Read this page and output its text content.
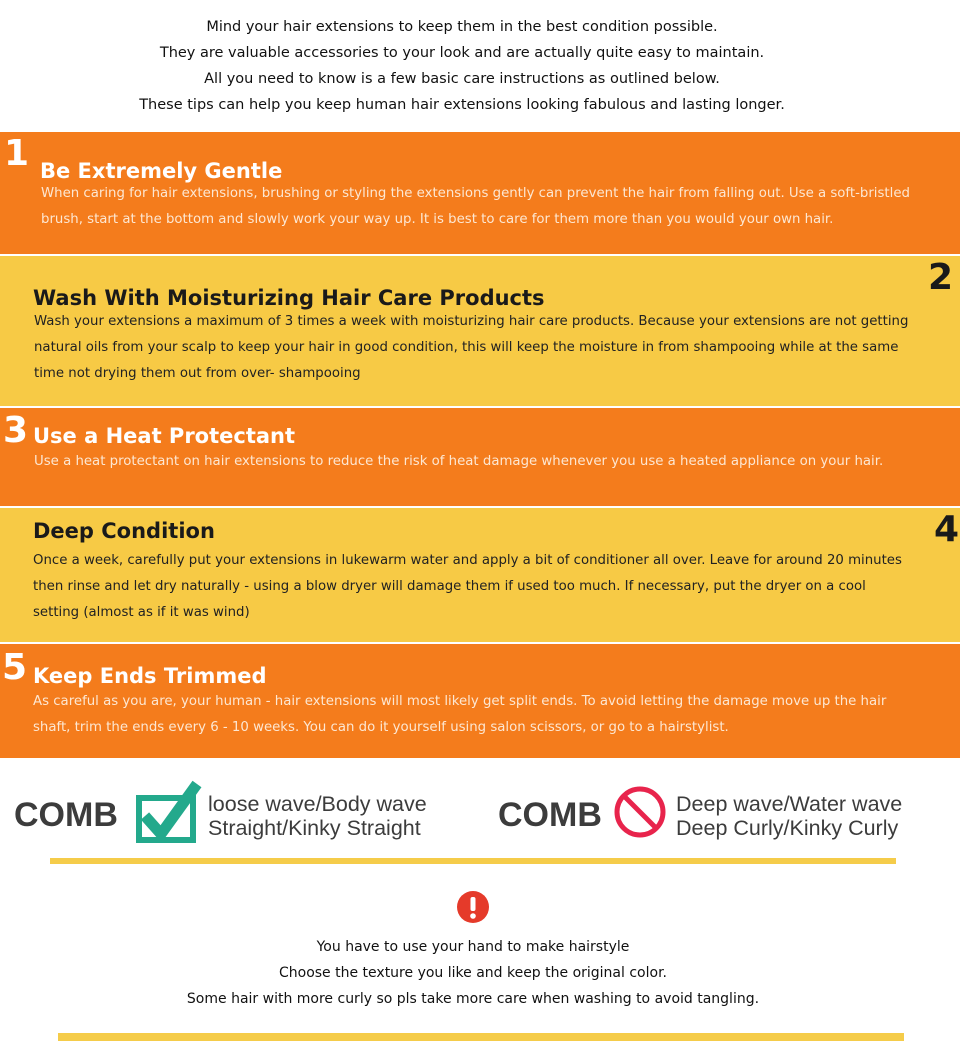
Mind your hair extensions to keep them in the best condition possible.
They are valuable accessories to your look and are actually quite easy to maintain.
All you need to know is a few basic care instructions as outlined below.
These tips can help you keep human hair extensions looking fabulous and lasting longer.
1 Be Extremely Gentle
When caring for hair extensions, brushing or styling the extensions gently can prevent the hair from falling out. Use a soft-bristled
brush, start at the bottom and slowly work your way up. It is best to care for them more than you would your own hair.
2
Wash With Moisturizing Hair Care Products
Wash your extensions a maximum of 3 times a week with moisturizing hair care products. Because your extensions are not getting
natural oils from your scalp to keep your hair in good condition, this will keep the moisture in from shampooing while at the same
time not drying them out from over- shampooing
3 Use a Heat Protectant
Use a heat protectant on hair extensions to reduce the risk of heat damage whenever you use a heated appliance on your hair.
4
Deep Condition
Once a week, carefully put your extensions in lukewarm water and apply a bit of conditioner all over. Leave for around 20 minutes
then rinse and let dry naturally - using a blow dryer will damage them if used too much. If necessary, put the dryer on a cool
setting (almost as if it was wind)
5 Keep Ends Trimmed
As careful as you are, your human - hair extensions will most likely get split ends. To avoid letting the damage move up the hair
shaft, trim the ends every 6 - 10 weeks. You can do it yourself using salon scissors, or go to a hairstylist.
COMB	loose wave/Body wave
Straight/Kinky Straight COMB	Deep wave/Water wave
Deep Curly/Kinky Curly
You have to use your hand to make hairstyle
Choose the texture you like and keep the original color.
Some hair with more curly so pls take more care when washing to avoid tangling.
